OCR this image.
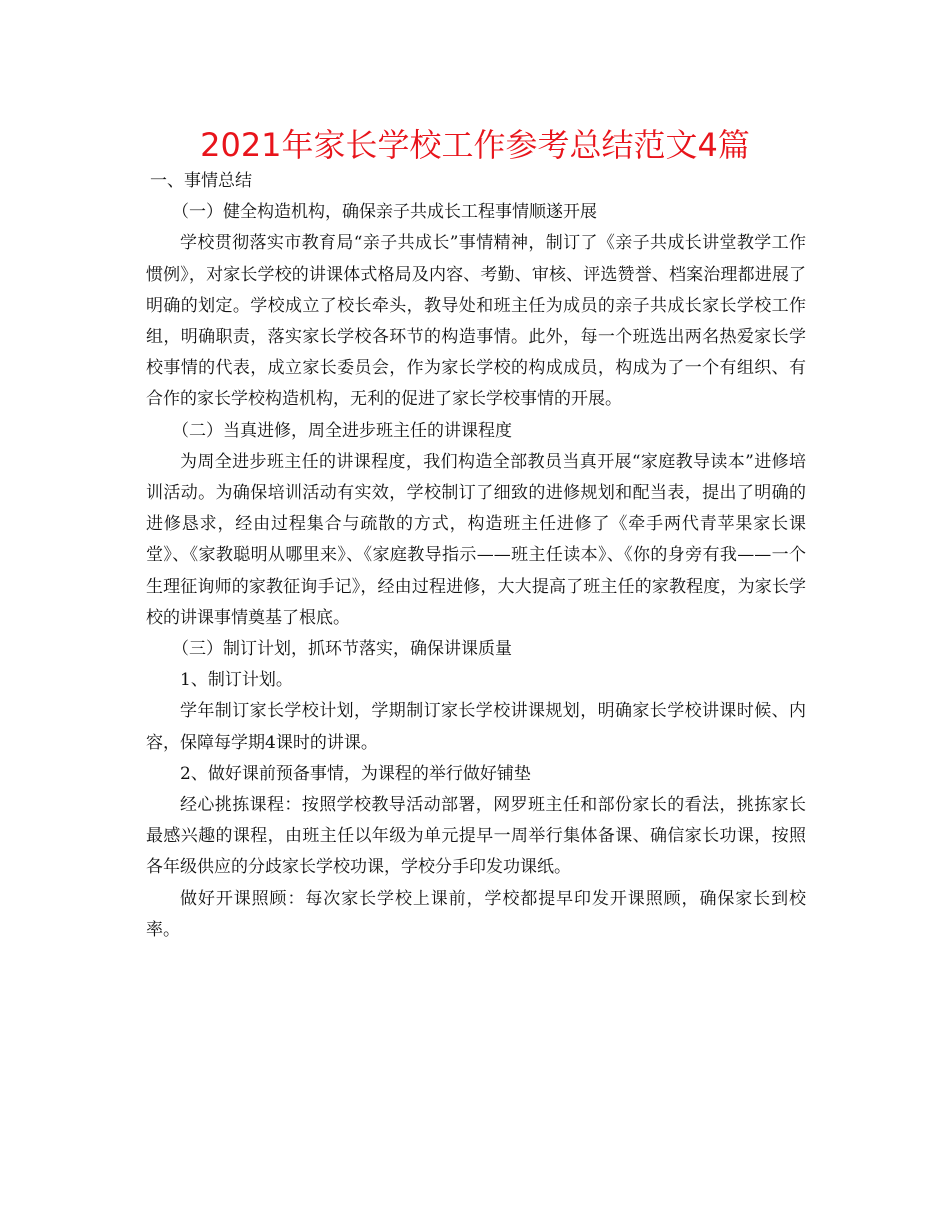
2021年家长学校工作参考总结范文4篇

一、事情总结

（一）健全构造机构，确保亲子共成长工程事情顺遂开展

学校贯彻落实市教育局“亲子共成长”事情精神，制订了《亲子共成长讲堂教学工作惯例》，对家长学校的讲课体式格局及内容、考勤、审核、评选赞誉、档案治理都进展了明确的划定。学校成立了校长牵头，教导处和班主任为成员的亲子共成长家长学校工作组，明确职责，落实家长学校各环节的构造事情。此外，每一个班选出两名热爱家长学校事情的代表，成立家长委员会，作为家长学校的构成成员，构成为了一个有组织、有合作的家长学校构造机构，无利的促进了家长学校事情的开展。

（二）当真进修，周全进步班主任的讲课程度

为周全进步班主任的讲课程度，我们构造全部教员当真开展“家庭教导读本”进修培训活动。为确保培训活动有实效，学校制订了细致的进修规划和配当表，提出了明确的进修恳求，经由过程集合与疏散的方式，构造班主任进修了《牵手两代青苹果家长课堂》、《家教聪明从哪里来》、《家庭教导指示——班主任读本》、《你的身旁有我——一个生理征询师的家教征询手记》，经由过程进修，大大提高了班主任的家教程度，为家长学校的讲课事情奠基了根底。

（三）制订计划，抓环节落实，确保讲课质量

1、制订计划。

学年制订家长学校计划，学期制订家长学校讲课规划，明确家长学校讲课时候、内容，保障每学期4课时的讲课。

2、做好课前预备事情，为课程的举行做好铺垫

经心挑拣课程：按照学校教导活动部署，网罗班主任和部份家长的看法，挑拣家长最感兴趣的课程，由班主任以年级为单元提早一周举行集体备课、确信家长功课，按照各年级供应的分歧家长学校功课，学校分手印发功课纸。

做好开课照顾：每次家长学校上课前，学校都提早印发开课照顾，确保家长到校率。
